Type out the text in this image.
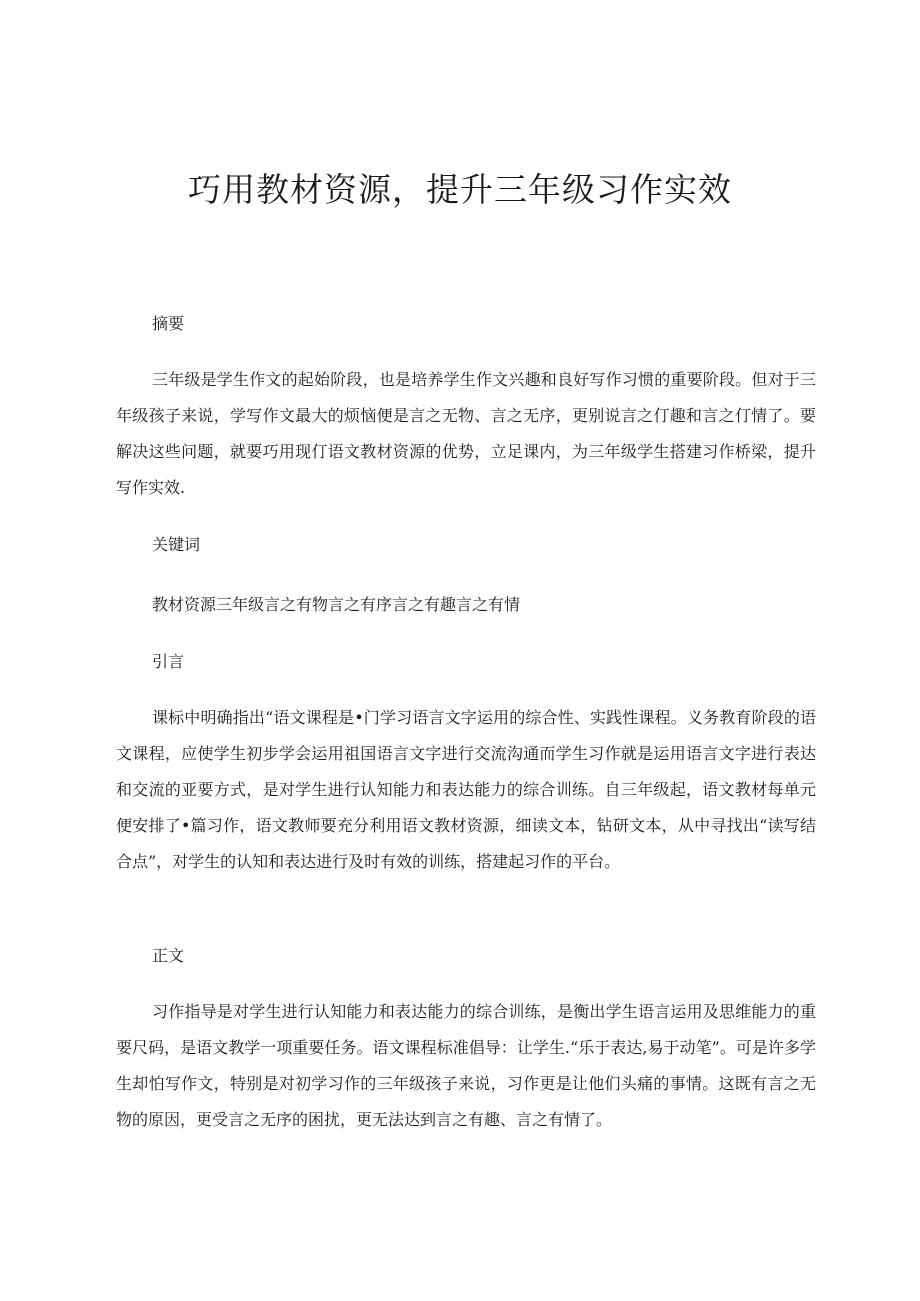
巧用教材资源，提升三年级习作实效

摘要

三年级是学生作文的起始阶段，也是培养学生作文兴趣和良好写作习惯的重要阶段。但对于三年级孩子来说，学写作文最大的烦恼便是言之无物、言之无序，更别说言之仃趣和言之仃情了。要解决这些问题，就要巧用现仃语文教材资源的优势，立足课内，为三年级学生搭建习作桥梁，提升写作实效.

关键词

教材资源三年级言之有物言之有序言之有趣言之有情

引言

课标中明确指出“语文课程是•门学习语言文字运用的综合性、实践性课程。义务教育阶段的语文课程，应使学生初步学会运用祖国语言文字进行交流沟通而学生习作就是运用语言文字进行表达和交流的亚要方式，是对学生进行认知能力和表达能力的综合训练。自三年级起，语文教材每单元便安排了•篇习作，语文教师要充分利用语文教材资源，细读文本，钻研文本，从中寻找出“读写结合点”，对学生的认知和表达进行及时有效的训练，搭建起习作的平台。

正文

习作指导是对学生进行认知能力和表达能力的综合训练，是衡出学生语言运用及思维能力的重要尺码，是语文教学一项重要任务。语文课程标准倡导：让学生.“乐于表达,易于动笔”。可是许多学生却怕写作文，特别是对初学习作的三年级孩子来说，习作更是让他们头痛的事情。这既有言之无物的原因，更受言之无序的困扰，更无法达到言之有趣、言之有情了。
